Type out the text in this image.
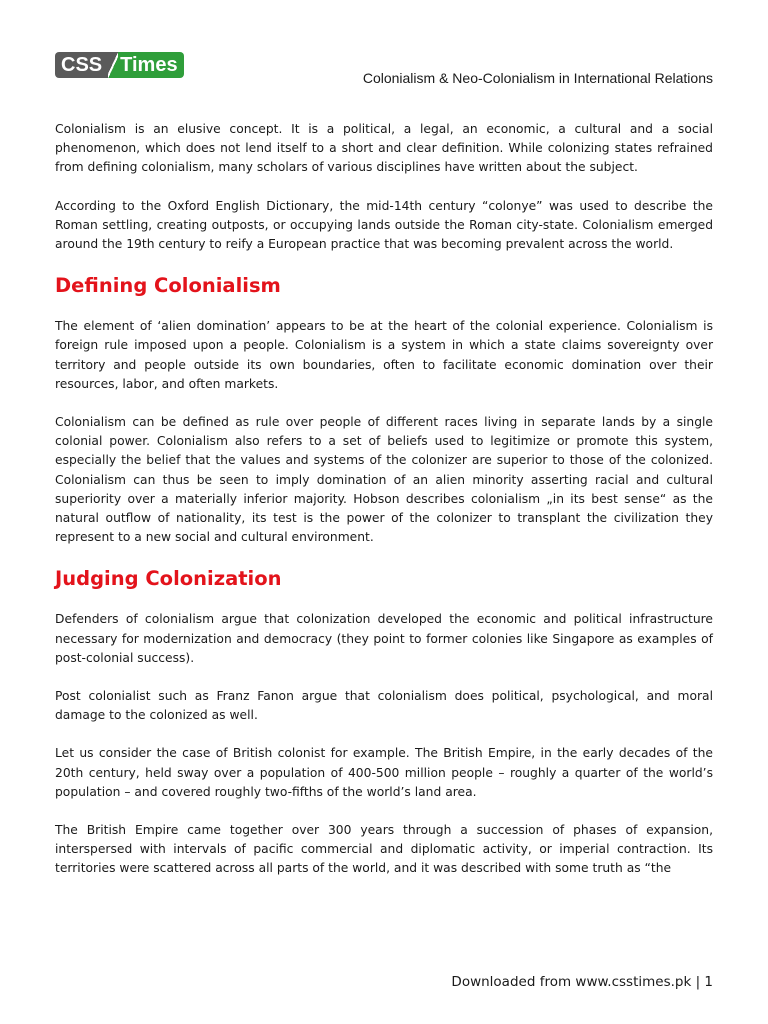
CSS Times
Colonialism & Neo-Colonialism in International Relations

Colonialism is an elusive concept. It is a political, a legal, an economic, a cultural and a social phenomenon, which does not lend itself to a short and clear definition. While colonizing states refrained from defining colonialism, many scholars of various disciplines have written about the subject.

According to the Oxford English Dictionary, the mid-14th century “colonye” was used to describe the Roman settling, creating outposts, or occupying lands outside the Roman city-state. Colonialism emerged around the 19th century to reify a European practice that was becoming prevalent across the world.

Defining Colonialism

The element of ‘alien domination’ appears to be at the heart of the colonial experience. Colonialism is foreign rule imposed upon a people. Colonialism is a system in which a state claims sovereignty over territory and people outside its own boundaries, often to facilitate economic domination over their resources, labor, and often markets.

Colonialism can be defined as rule over people of different races living in separate lands by a single colonial power. Colonialism also refers to a set of beliefs used to legitimize or promote this system, especially the belief that the values and systems of the colonizer are superior to those of the colonized. Colonialism can thus be seen to imply domination of an alien minority asserting racial and cultural superiority over a materially inferior majority. Hobson describes colonialism „in its best sense“ as the natural outflow of nationality, its test is the power of the colonizer to transplant the civilization they represent to a new social and cultural environment.

Judging Colonization

Defenders of colonialism argue that colonization developed the economic and political infrastructure necessary for modernization and democracy (they point to former colonies like Singapore as examples of post-colonial success).

Post colonialist such as Franz Fanon argue that colonialism does political, psychological, and moral damage to the colonized as well.

Let us consider the case of British colonist for example. The British Empire, in the early decades of the 20th century, held sway over a population of 400-500 million people – roughly a quarter of the world’s population – and covered roughly two-fifths of the world’s land area.

The British Empire came together over 300 years through a succession of phases of expansion, interspersed with intervals of pacific commercial and diplomatic activity, or imperial contraction. Its territories were scattered across all parts of the world, and it was described with some truth as “the

Downloaded from www.csstimes.pk | 1
